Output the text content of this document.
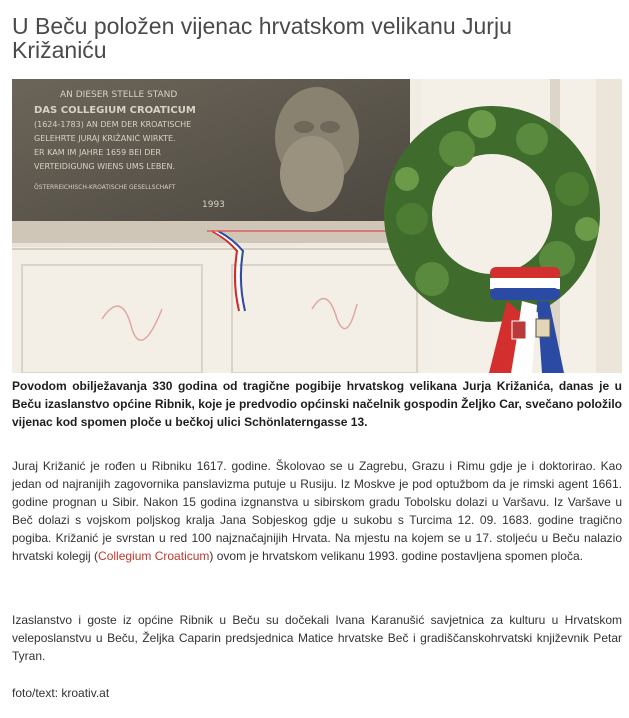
U Beču položen vijenac hrvatskom velikanu Jurju Križaniću
AN DIESER STELLE STAND
DAS COLLEGIUM CROATICUM
(1624-1783) AN DEM DER KROATISCHE
GELEHRTE JURAJ KRIŽANIĆ WIRKTE.
ER KAM IM JAHRE 1659 BEI DER
VERTEIDIGUNG WIENS UMS LEBEN.
ÖSTERREICHISCH-KROATISCHE GESELLSCHAFT
1993

Povodom obilježavanja 330 godina od tragične pogibije hrvatskog velikana Jurja Križanića, danas je u Beču izaslanstvo općine Ribnik, koje je predvodio općinski načelnik gospodin Željko Car, svečano položilo vijenac kod spomen ploče u bečkoj ulici Schönlaterngasse 13.

Juraj Križanić je rođen u Ribniku 1617. godine. Školovao se u Zagrebu, Grazu i Rimu gdje je i doktorirao. Kao jedan od najranijih zagovornika panslavizma putuje u Rusiju. Iz Moskve je pod optužbom da je rimski agent 1661. godine prognan u Sibir. Nakon 15 godina izgnanstva u sibirskom gradu Tobolsku dolazi u Varšavu. Iz Varšave u Beč dolazi s vojskom poljskog kralja Jana Sobjeskog gdje u sukobu s Turcima 12. 09. 1683. godine tragično pogiba. Križanić je svrstan u red 100 najznačajnijih Hrvata. Na mjestu na kojem se u 17. stoljeću u Beču nalazio hrvatski kolegij (Collegium Croaticum) ovom je hrvatskom velikanu 1993. godine postavljena spomen ploča.

Izaslanstvo i goste iz općine Ribnik u Beču su dočekali Ivana Karanušić savjetnica za kulturu u Hrvatskom veleposlanstvu u Beču, Željka Caparin predsjednica Matice hrvatske Beč i gradiščanskohrvatski književnik Petar Tyran.

foto/text: kroativ.at
